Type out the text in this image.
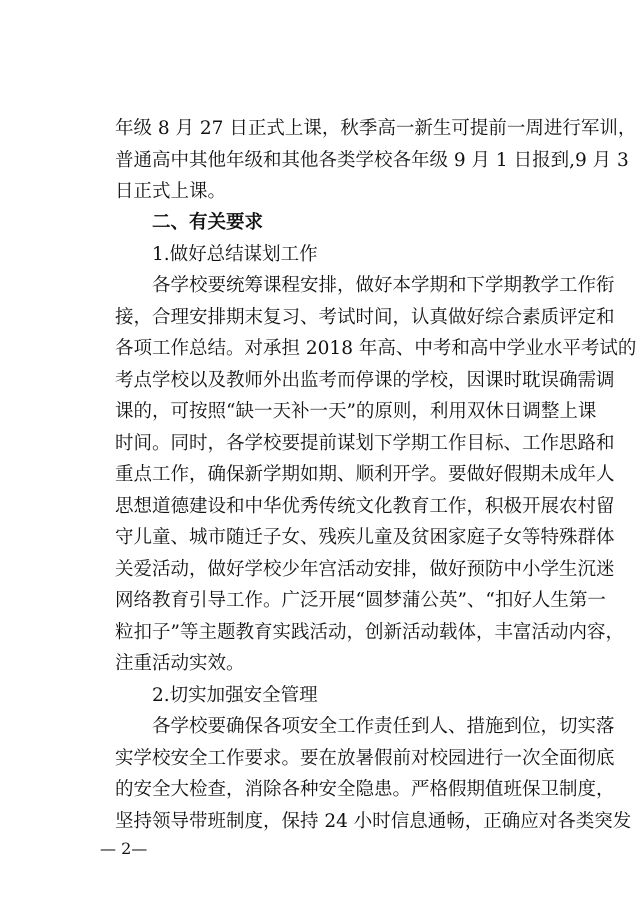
年级 8 月 27 日正式上课，秋季高一新生可提前一周进行军训，
普通高中其他年级和其他各类学校各年级 9 月 1 日报到,9 月 3
日正式上课。
二、有关要求
1.做好总结谋划工作
各学校要统筹课程安排，做好本学期和下学期教学工作衔
接，合理安排期末复习、考试时间，认真做好综合素质评定和
各项工作总结。对承担 2018 年高、中考和高中学业水平考试的
考点学校以及教师外出监考而停课的学校，因课时耽误确需调
课的，可按照“缺一天补一天”的原则，利用双休日调整上课
时间。同时，各学校要提前谋划下学期工作目标、工作思路和
重点工作，确保新学期如期、顺利开学。要做好假期未成年人
思想道德建设和中华优秀传统文化教育工作，积极开展农村留
守儿童、城市随迁子女、残疾儿童及贫困家庭子女等特殊群体
关爱活动，做好学校少年宫活动安排，做好预防中小学生沉迷
网络教育引导工作。广泛开展“圆梦蒲公英”、“扣好人生第一
粒扣子”等主题教育实践活动，创新活动载体，丰富活动内容，
注重活动实效。
2.切实加强安全管理
各学校要确保各项安全工作责任到人、措施到位，切实落
实学校安全工作要求。要在放暑假前对校园进行一次全面彻底
的安全大检查，消除各种安全隐患。严格假期值班保卫制度，
坚持领导带班制度，保持 24 小时信息通畅，正确应对各类突发
— 2—
